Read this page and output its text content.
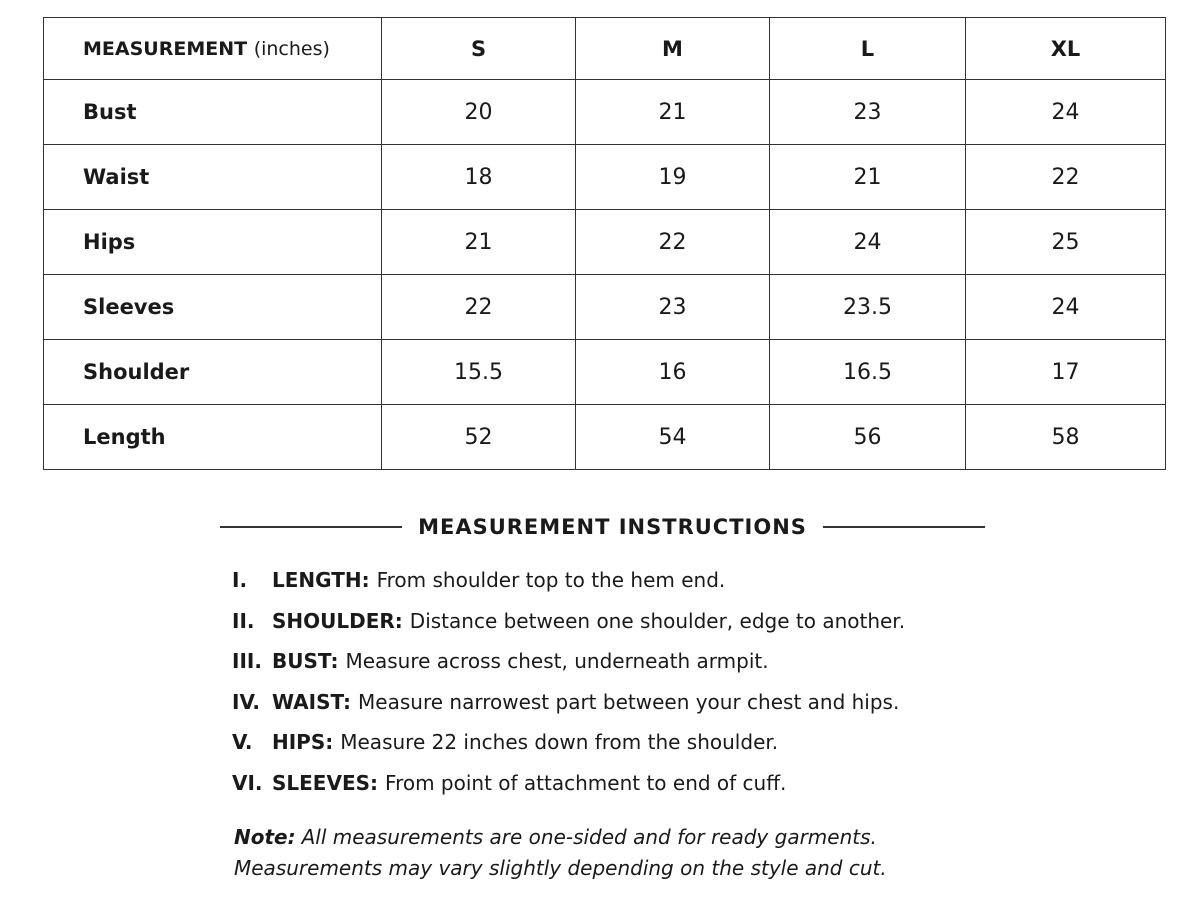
MEASUREMENT (inches)	S	M	L	XL
Bust	20	21	23	24
Waist	18	19	21	22
Hips	21	22	24	25
Sleeves	22	23	23.5	24
Shoulder	15.5	16	16.5	17
Length	52	54	56	58
MEASUREMENT INSTRUCTIONS
I.	LENGTH: From shoulder top to the hem end.
II. SHOULDER: Distance between one shoulder, edge to another.
III. BUST: Measure across chest, underneath armpit.
IV. WAIST: Measure narrowest part between your chest and hips.
V. HIPS: Measure 22 inches down from the shoulder.
VI. SLEEVES: From point of attachment to end of cuff.
Note: All measurements are one-sided and for ready garments.
Measurements may vary slightly depending on the style and cut.
